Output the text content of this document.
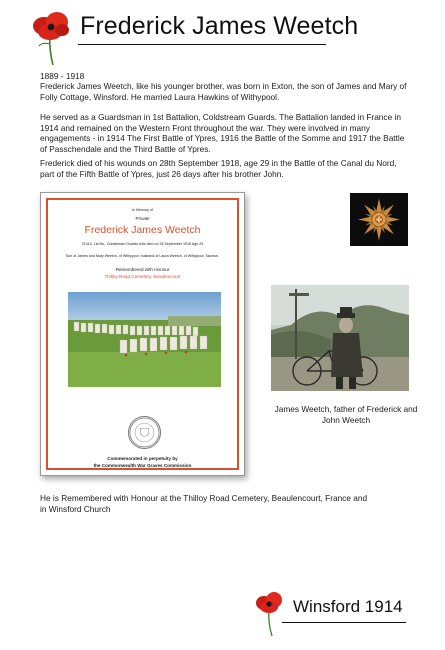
Frederick James Weetch
1889 - 1918
Frederick James Weetch, like his younger brother, was born in Exton, the son of James and Mary of Folly Cottage, Winsford. He married Laura Hawkins of Withypool.
He served as a Guardsman in 1st Battalion, Coldstream Guards. The Battalion landed in France in 1914 and remained on the Western Front throughout the war. They were involved in many engagements - in 1914 The First Battle of Ypres, 1916 the Battle of the Somme and 1917 the Battle of Passchendale and the Third Battle of Ypres.
Frederick died of his wounds on 28th September 1918, age 29 in the Battle of the Canal du Nord, part of the Fifth Battle of Ypres, just 26 days after his brother John.
In Memory of
Private
Frederick James Weetch
21410, 1st Bn., Coldstream Guards who died on 28 September 1918 Age 29
Son of James and Mary Weetch, of Withypool; husband of Laura Weetch, of Withypool, Taunton.
Remembered with Honour
Thilloy Road Cemetery, Beaulencourt
Commemorated in perpetuity by
the Commonwealth War Graves Commission
James Weetch, father of Frederick and John Weetch
He is Remembered with Honour at the Thilloy Road Cemetery, Beaulencourt, France and in Winsford Church
Winsford 1914
